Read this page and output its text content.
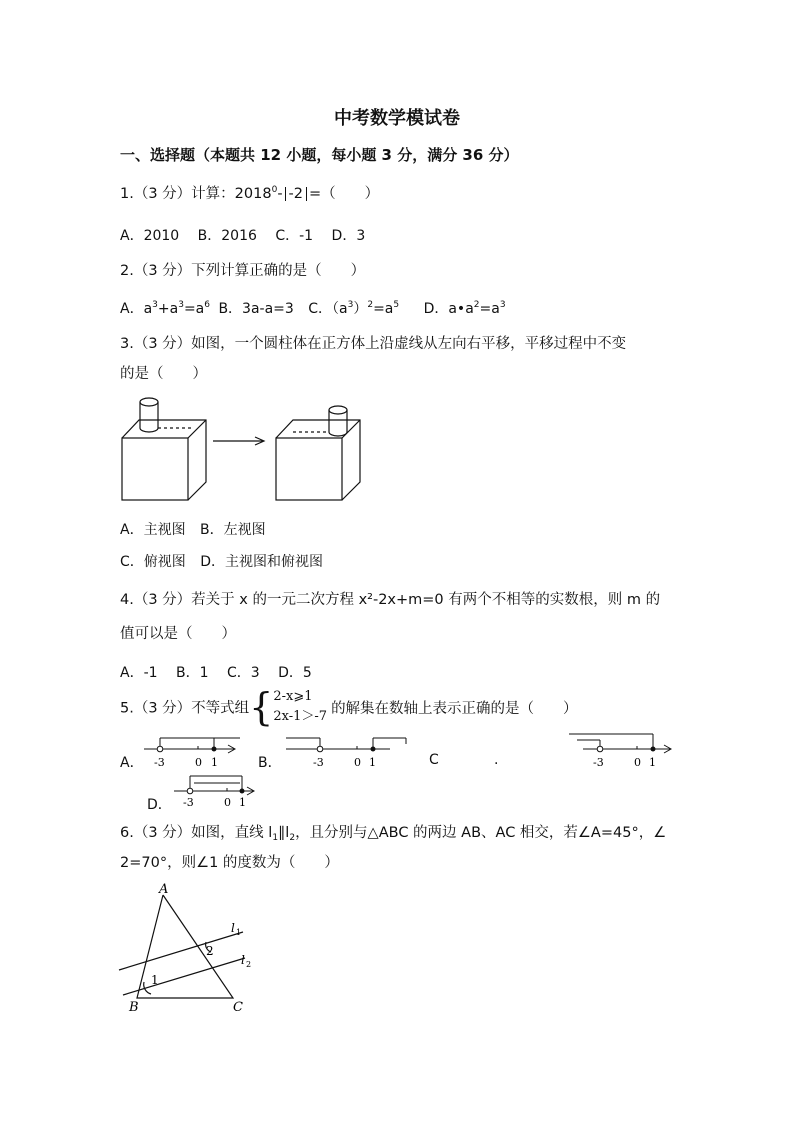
中考数学模试卷
一、选择题（本题共 12 小题，每小题 3 分，满分 36 分）
1.（3 分）计算：2018$^0$- -2 =（　　）
A．2010 B．2016 C．-1 D．3
2.（3 分）下列计算正确的是（　　）
A．$a^3+a^3=a^6$ B．3a-a=3 C．$(a^3)^2=a^5$ D．$a•a^2=a^3$
3.（3 分）如图，一个圆柱体在正方体上沿虚线从左向右平移，平移过程中不变
的是（　　）
A．主视图 B．左视图
C．俯视图 D．主视图和俯视图
4.（3 分）若关于 x 的一元二次方程 x²-2x+m=0 有两个不相等的实数根，则 m 的
值可以是（　　）
A．-1 B．1 C．3 D．5
5.（3 分）不等式组{2-x⩾1
2x-1＞-7 的解集在数轴上表示正确的是（　　）
A． -3	0 1	B．	-3	0 1	C	.	-3	0 1
D． -3	0 1
6.（3 分）如图，直线 $l_1\parallel l_2$，且分别与△ABC 的两边 AB、AC 相交，若∠A=45°，∠
2=70°，则∠1 的度数为（　　）
A
B	C
l 1
l 2
1
2
